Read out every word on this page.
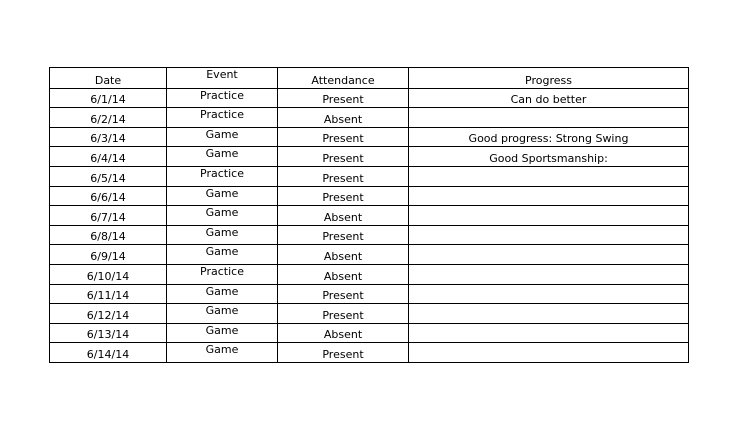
Date	Event	Attendance	Progress
6/1/14	Practice	Present	Can do better
6/2/14	Practice	Absent	
6/3/14	Game	Present	Good progress: Strong Swing
6/4/14	Game	Present	Good Sportsmanship:
6/5/14	Practice	Present	
6/6/14	Game	Present	
6/7/14	Game	Absent	
6/8/14	Game	Present	
6/9/14	Game	Absent	
6/10/14	Practice	Absent	
6/11/14	Game	Present	
6/12/14	Game	Present	
6/13/14	Game	Absent	
6/14/14	Game	Present	
